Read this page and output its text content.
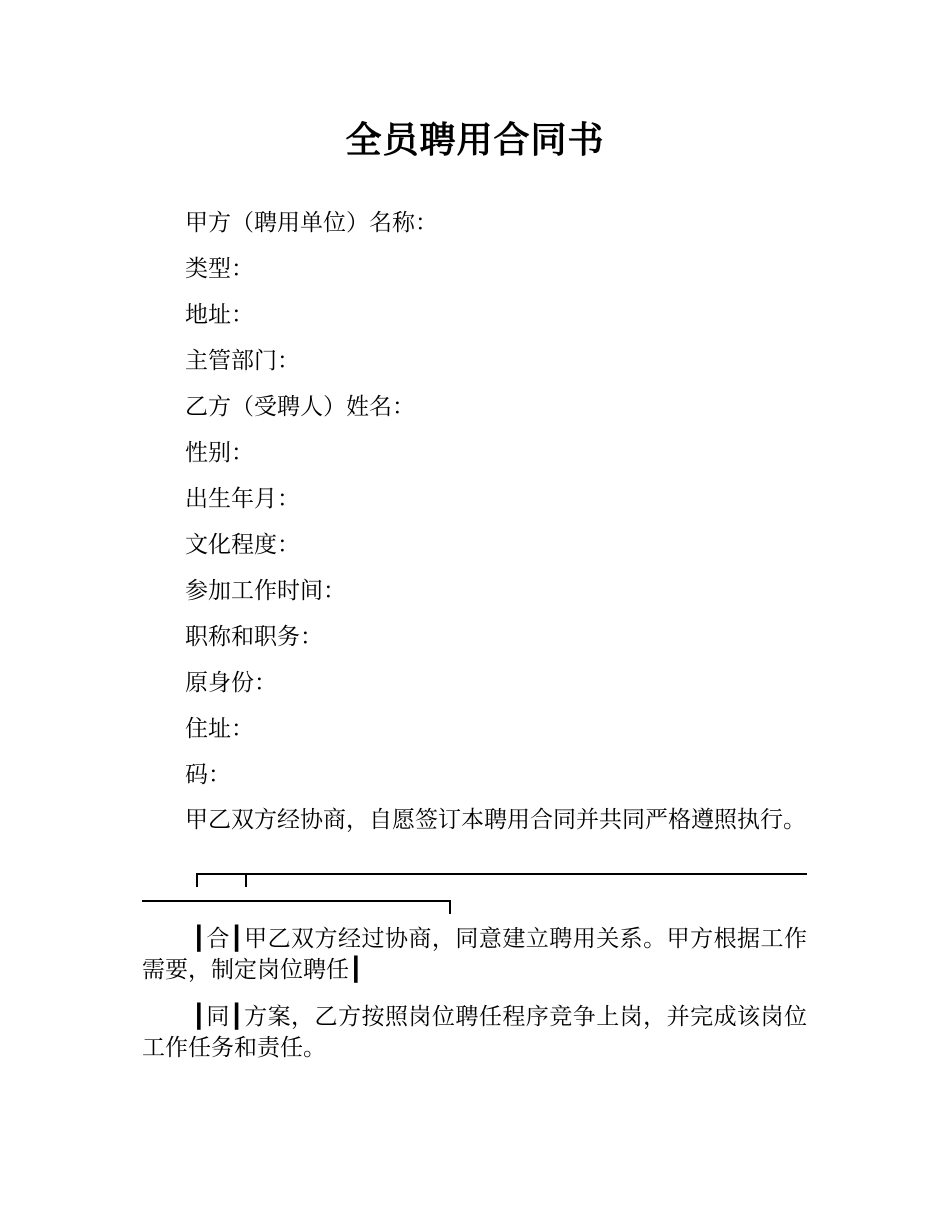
全员聘用合同书
甲方（聘用单位）名称：
类型：
地址：
主管部门：
乙方（受聘人）姓名：
性别：
出生年月：
文化程度：
参加工作时间：
职称和职务：
原身份：
住址：
码：

甲乙双方经协商，自愿签订本聘用合同并共同严格遵照执行。

┃合┃甲乙双方经过协商，同意建立聘用关系。甲方根据工作需要，制定岗位聘任┃

┃同┃方案，乙方按照岗位聘任程序竞争上岗，并完成该岗位工作任务和责任。
